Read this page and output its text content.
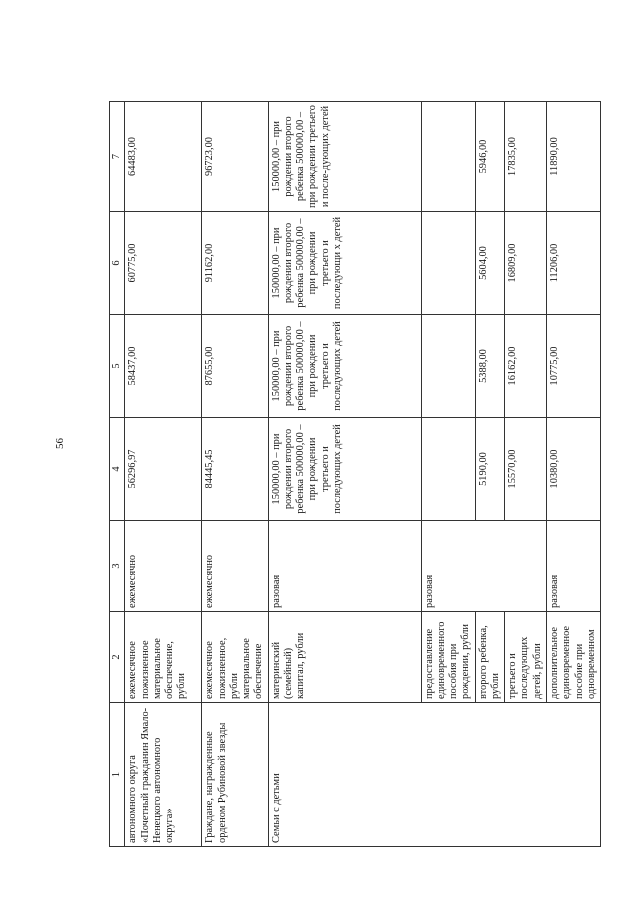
56
1	2	3	4	5	6	7
автономного округа «Почетный гражданин Ямало-Ненецкого автономного округа»	ежемесячное пожизненное материальное обеспечение, рубли	ежемесячно	56296,97	58437,00	60775,00	64483,00
Граждане, награжденные орденом Рубиновой звезды	ежемесячное пожизненное, рубли материальное обеспечение	ежемесячно	84445,45	87655,00	91162,00	96723,00
Семьи с детьми	материнский (семейный) капитал, рубли	разовая	150000,00 – при рождении второго ребенка 500000,00 – при рождении третьего и последующих детей	150000,00 – при рождении второго ребенка 500000,00 – при рождении третьего и последующих детей	150000,00 – при рождении второго ребенка 500000,00 – при рождении третьего и последующи х детей	150000,00 – при рождении второго ребенка 500000,00 – при рождении третьего и после-дующих детей
	предоставление единовременного пособия при рождении, рубли	разовая				
	второго ребенка, рубли		5190,00	5388,00	5604,00	5946,00
	третьего и последующих детей, рубли		15570,00	16162,00	16809,00	17835,00
	дополнительное единовременное пособие при одновременном	разовая	10380,00	10775,00	11206,00	11890,00
